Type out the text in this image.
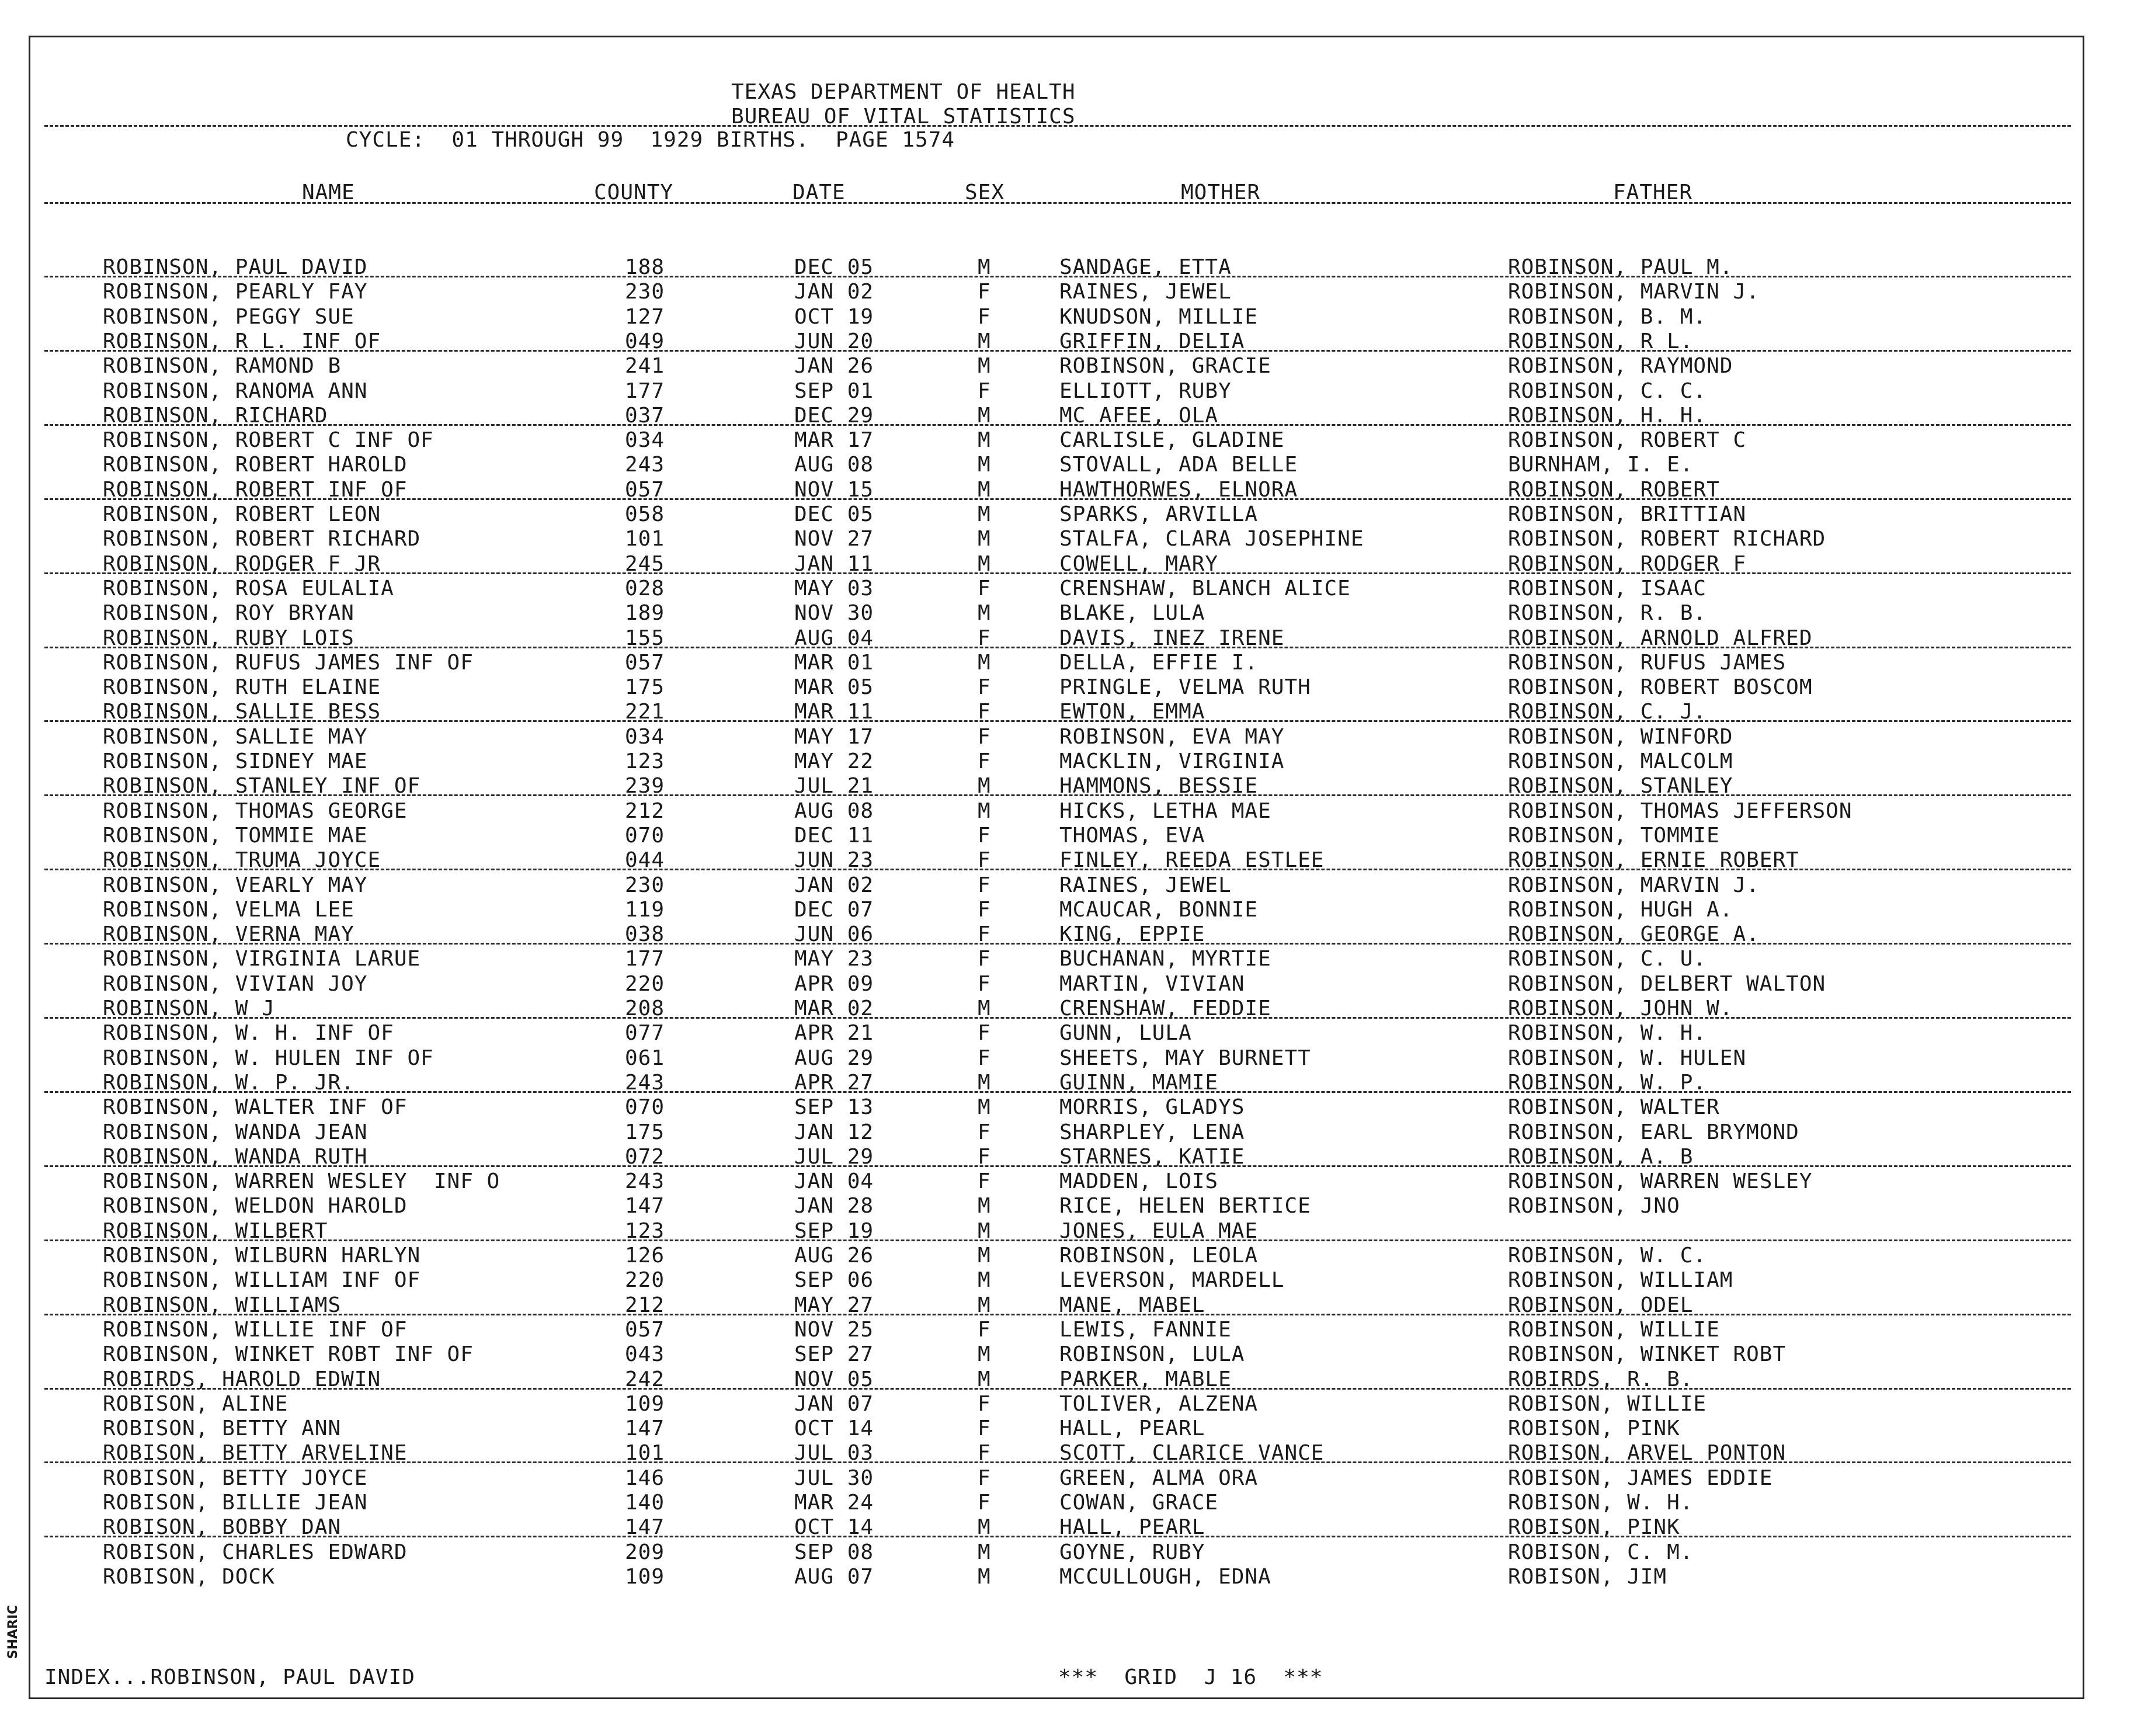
SHARIC
TEXAS DEPARTMENT OF HEALTH
BUREAU OF VITAL STATISTICS
CYCLE:  01 THROUGH 99  1929 BIRTHS.  PAGE 1574
NAME	COUNTY	DATE	SEX	MOTHER	FATHER
ROBINSON, PAUL DAVID	188	DEC 05	M	SANDAGE, ETTA	ROBINSON, PAUL M.
ROBINSON, PEARLY FAY	230	JAN 02	F	RAINES, JEWEL	ROBINSON, MARVIN J.
ROBINSON, PEGGY SUE	127	OCT 19	F	KNUDSON, MILLIE	ROBINSON, B. M.
ROBINSON, R L. INF OF	049	JUN 20	M	GRIFFIN, DELIA	ROBINSON, R L.
ROBINSON, RAMOND B	241	JAN 26	M	ROBINSON, GRACIE	ROBINSON, RAYMOND
ROBINSON, RANOMA ANN	177	SEP 01	F	ELLIOTT, RUBY	ROBINSON, C. C.
ROBINSON, RICHARD	037	DEC 29	M	MC AFEE, OLA	ROBINSON, H. H.
ROBINSON, ROBERT C INF OF	034	MAR 17	M	CARLISLE, GLADINE	ROBINSON, ROBERT C
ROBINSON, ROBERT HAROLD	243	AUG 08	M	STOVALL, ADA BELLE	BURNHAM, I. E.
ROBINSON, ROBERT INF OF	057	NOV 15	M	HAWTHORWES, ELNORA	ROBINSON, ROBERT
ROBINSON, ROBERT LEON	058	DEC 05	M	SPARKS, ARVILLA	ROBINSON, BRITTIAN
ROBINSON, ROBERT RICHARD	101	NOV 27	M	STALFA, CLARA JOSEPHINE	ROBINSON, ROBERT RICHARD
ROBINSON, RODGER F JR	245	JAN 11	M	COWELL, MARY	ROBINSON, RODGER F
ROBINSON, ROSA EULALIA	028	MAY 03	F	CRENSHAW, BLANCH ALICE	ROBINSON, ISAAC
ROBINSON, ROY BRYAN	189	NOV 30	M	BLAKE, LULA	ROBINSON, R. B.
ROBINSON, RUBY LOIS	155	AUG 04	F	DAVIS, INEZ IRENE	ROBINSON, ARNOLD ALFRED
ROBINSON, RUFUS JAMES INF OF	057	MAR 01	M	DELLA, EFFIE I.	ROBINSON, RUFUS JAMES
ROBINSON, RUTH ELAINE	175	MAR 05	F	PRINGLE, VELMA RUTH	ROBINSON, ROBERT BOSCOM
ROBINSON, SALLIE BESS	221	MAR 11	F	EWTON, EMMA	ROBINSON, C. J.
ROBINSON, SALLIE MAY	034	MAY 17	F	ROBINSON, EVA MAY	ROBINSON, WINFORD
ROBINSON, SIDNEY MAE	123	MAY 22	F	MACKLIN, VIRGINIA	ROBINSON, MALCOLM
ROBINSON, STANLEY INF OF	239	JUL 21	M	HAMMONS, BESSIE	ROBINSON, STANLEY
ROBINSON, THOMAS GEORGE	212	AUG 08	M	HICKS, LETHA MAE	ROBINSON, THOMAS JEFFERSON
ROBINSON, TOMMIE MAE	070	DEC 11	F	THOMAS, EVA	ROBINSON, TOMMIE
ROBINSON, TRUMA JOYCE	044	JUN 23	F	FINLEY, REEDA ESTLEE	ROBINSON, ERNIE ROBERT
ROBINSON, VEARLY MAY	230	JAN 02	F	RAINES, JEWEL	ROBINSON, MARVIN J.
ROBINSON, VELMA LEE	119	DEC 07	F	MCAUCAR, BONNIE	ROBINSON, HUGH A.
ROBINSON, VERNA MAY	038	JUN 06	F	KING, EPPIE	ROBINSON, GEORGE A.
ROBINSON, VIRGINIA LARUE	177	MAY 23	F	BUCHANAN, MYRTIE	ROBINSON, C. U.
ROBINSON, VIVIAN JOY	220	APR 09	F	MARTIN, VIVIAN	ROBINSON, DELBERT WALTON
ROBINSON, W J	208	MAR 02	M	CRENSHAW, FEDDIE	ROBINSON, JOHN W.
ROBINSON, W. H. INF OF	077	APR 21	F	GUNN, LULA	ROBINSON, W. H.
ROBINSON, W. HULEN INF OF	061	AUG 29	F	SHEETS, MAY BURNETT	ROBINSON, W. HULEN
ROBINSON, W. P. JR.	243	APR 27	M	GUINN, MAMIE	ROBINSON, W. P.
ROBINSON, WALTER INF OF	070	SEP 13	M	MORRIS, GLADYS	ROBINSON, WALTER
ROBINSON, WANDA JEAN	175	JAN 12	F	SHARPLEY, LENA	ROBINSON, EARL BRYMOND
ROBINSON, WANDA RUTH	072	JUL 29	F	STARNES, KATIE	ROBINSON, A. B
ROBINSON, WARREN WESLEY  INF O	243	JAN 04	F	MADDEN, LOIS	ROBINSON, WARREN WESLEY
ROBINSON, WELDON HAROLD	147	JAN 28	M	RICE, HELEN BERTICE	ROBINSON, JNO
ROBINSON, WILBERT	123	SEP 19	M	JONES, EULA MAE
ROBINSON, WILBURN HARLYN	126	AUG 26	M	ROBINSON, LEOLA	ROBINSON, W. C.
ROBINSON, WILLIAM INF OF	220	SEP 06	M	LEVERSON, MARDELL	ROBINSON, WILLIAM
ROBINSON, WILLIAMS	212	MAY 27	M	MANE, MABEL	ROBINSON, ODEL
ROBINSON, WILLIE INF OF	057	NOV 25	F	LEWIS, FANNIE	ROBINSON, WILLIE
ROBINSON, WINKET ROBT INF OF	043	SEP 27	M	ROBINSON, LULA	ROBINSON, WINKET ROBT
ROBIRDS, HAROLD EDWIN	242	NOV 05	M	PARKER, MABLE	ROBIRDS, R. B.
ROBISON, ALINE	109	JAN 07	F	TOLIVER, ALZENA	ROBISON, WILLIE
ROBISON, BETTY ANN	147	OCT 14	F	HALL, PEARL	ROBISON, PINK
ROBISON, BETTY ARVELINE	101	JUL 03	F	SCOTT, CLARICE VANCE	ROBISON, ARVEL PONTON
ROBISON, BETTY JOYCE	146	JUL 30	F	GREEN, ALMA ORA	ROBISON, JAMES EDDIE
ROBISON, BILLIE JEAN	140	MAR 24	F	COWAN, GRACE	ROBISON, W. H.
ROBISON, BOBBY DAN	147	OCT 14	M	HALL, PEARL	ROBISON, PINK
ROBISON, CHARLES EDWARD	209	SEP 08	M	GOYNE, RUBY	ROBISON, C. M.
ROBISON, DOCK	109	AUG 07	M	MCCULLOUGH, EDNA	ROBISON, JIM
INDEX...ROBINSON, PAUL DAVID	***  GRID  J 16  ***
